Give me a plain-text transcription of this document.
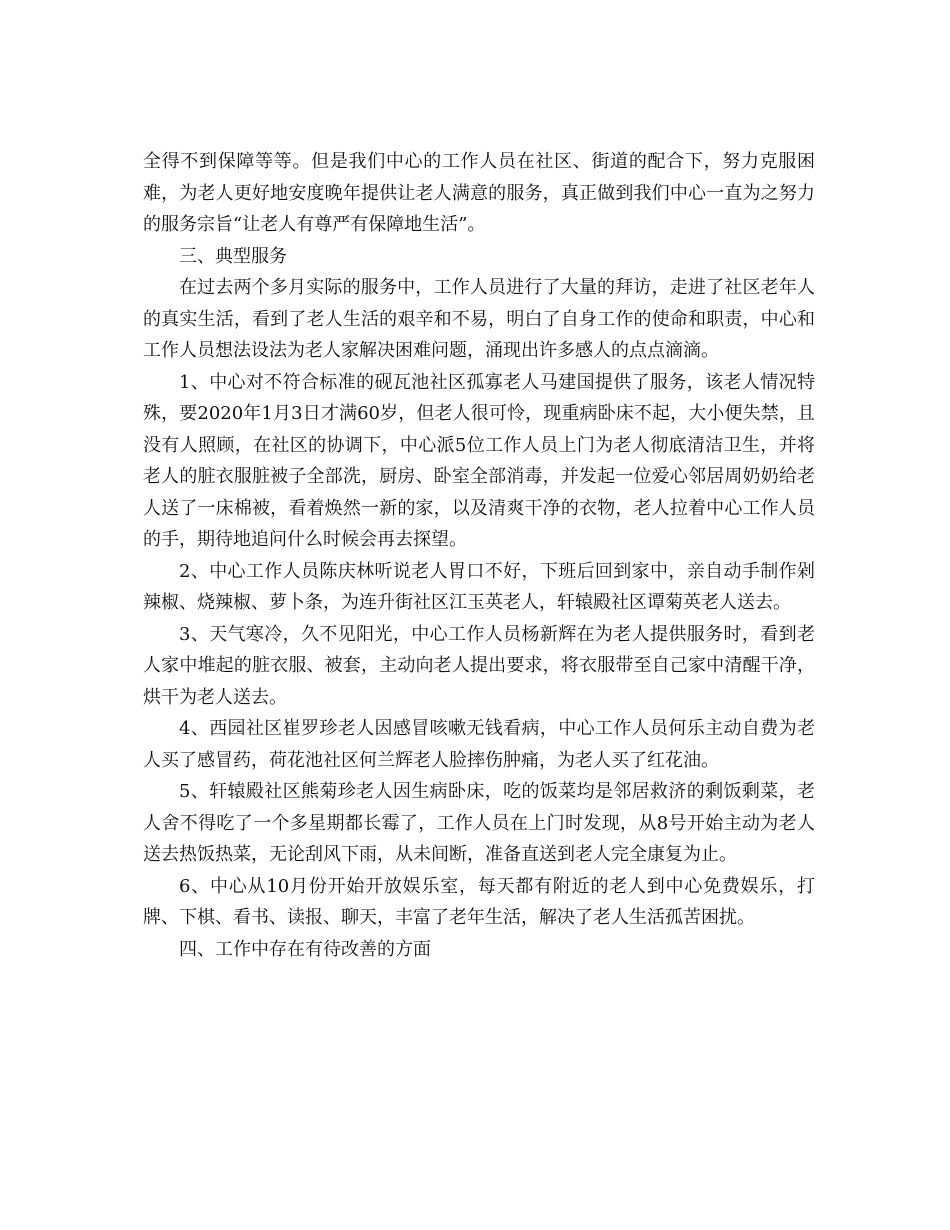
全得不到保障等等。但是我们中心的工作人员在社区、街道的配合下，努力克服困难，为老人更好地安度晚年提供让老人满意的服务，真正做到我们中心一直为之努力的服务宗旨“让老人有尊严有保障地生活”。

三、典型服务

在过去两个多月实际的服务中，工作人员进行了大量的拜访，走进了社区老年人的真实生活，看到了老人生活的艰辛和不易，明白了自身工作的使命和职责，中心和工作人员想法设法为老人家解决困难问题，涌现出许多感人的点点滴滴。

1、中心对不符合标准的砚瓦池社区孤寡老人马建国提供了服务，该老人情况特殊，要2020年1月3日才满60岁，但老人很可怜，现重病卧床不起，大小便失禁，且没有人照顾，在社区的协调下，中心派5位工作人员上门为老人彻底清洁卫生，并将老人的脏衣服脏被子全部洗，厨房、卧室全部消毒，并发起一位爱心邻居周奶奶给老人送了一床棉被，看着焕然一新的家，以及清爽干净的衣物，老人拉着中心工作人员的手，期待地追问什么时候会再去探望。

2、中心工作人员陈庆林听说老人胃口不好，下班后回到家中，亲自动手制作剁辣椒、烧辣椒、萝卜条，为连升街社区江玉英老人，轩辕殿社区谭菊英老人送去。

3、天气寒冷，久不见阳光，中心工作人员杨新辉在为老人提供服务时，看到老人家中堆起的脏衣服、被套，主动向老人提出要求，将衣服带至自己家中清醒干净，烘干为老人送去。

4、西园社区崔罗珍老人因感冒咳嗽无钱看病，中心工作人员何乐主动自费为老人买了感冒药，荷花池社区何兰辉老人脸摔伤肿痛，为老人买了红花油。

5、轩辕殿社区熊菊珍老人因生病卧床，吃的饭菜均是邻居救济的剩饭剩菜，老人舍不得吃了一个多星期都长霉了，工作人员在上门时发现，从8号开始主动为老人送去热饭热菜，无论刮风下雨，从未间断，准备直送到老人完全康复为止。

6、中心从10月份开始开放娱乐室，每天都有附近的老人到中心免费娱乐，打牌、下棋、看书、读报、聊天，丰富了老年生活，解决了老人生活孤苦困扰。

四、工作中存在有待改善的方面
